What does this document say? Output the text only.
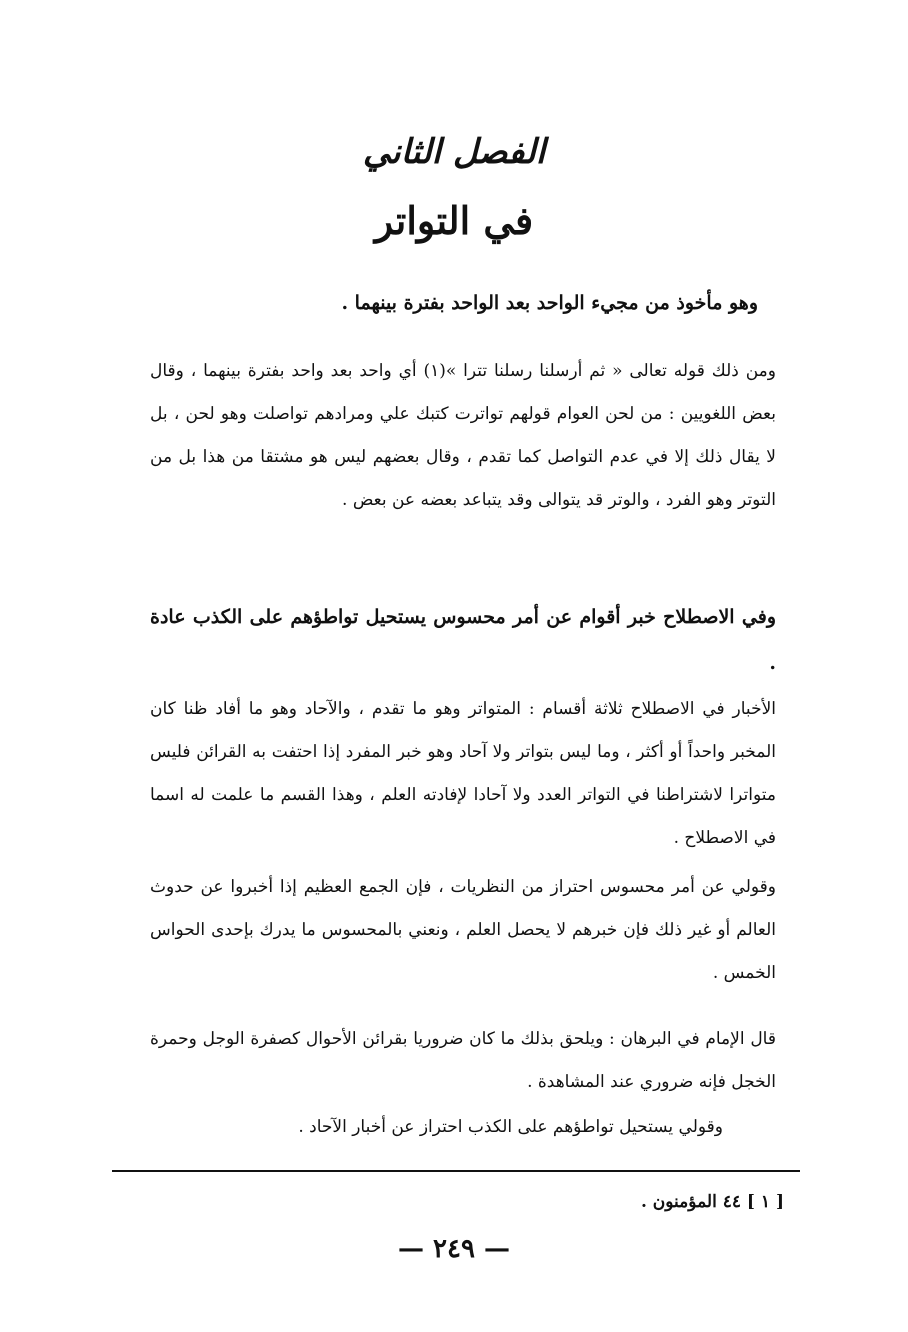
الفصل الثاني
في التواتر

وهو مأخوذ من مجيء الواحد بعد الواحد بفترة بينهما .

ومن ذلك قوله تعالى « ثم أرسلنا رسلنا تترا »(١) أي واحد بعد واحد بفترة بينهما ، وقال بعض اللغويين : من لحن العوام قولهم تواترت كتبك علي ومرادهم تواصلت وهو لحن ، بل لا يقال ذلك إلا في عدم التواصل كما تقدم ، وقال بعضهم ليس هو مشتقا من هذا بل من التوتر وهو الفرد ، والوتر قد يتوالى وقد يتباعد بعضه عن بعض .

وفي الاصطلاح خبر أقوام عن أمر محسوس يستحيل تواطؤهم على الكذب عادة .

الأخبار في الاصطلاح ثلاثة أقسام : المتواتر وهو ما تقدم ، والآحاد وهو ما أفاد ظنا كان المخبر واحداً أو أكثر ، وما ليس بتواتر ولا آحاد وهو خبر المفرد إذا احتفت به القرائن فليس متواترا لاشتراطنا في التواتر العدد ولا آحادا لإفادته العلم ، وهذا القسم ما علمت له اسما في الاصطلاح .

وقولي عن أمر محسوس احتراز من النظريات ، فإن الجمع العظيم إذا أخبروا عن حدوث العالم أو غير ذلك فإن خبرهم لا يحصل العلم ، ونعني بالمحسوس ما يدرك بإحدى الحواس الخمس .

قال الإمام في البرهان : ويلحق بذلك ما كان ضروريا بقرائن الأحوال كصفرة الوجل وحمرة الخجل فإنه ضروري عند المشاهدة .

وقولي يستحيل تواطؤهم على الكذب احتراز عن أخبار الآحاد .

[ ١ ] ٤٤ المؤمنون .
— ٢٤٩ —
